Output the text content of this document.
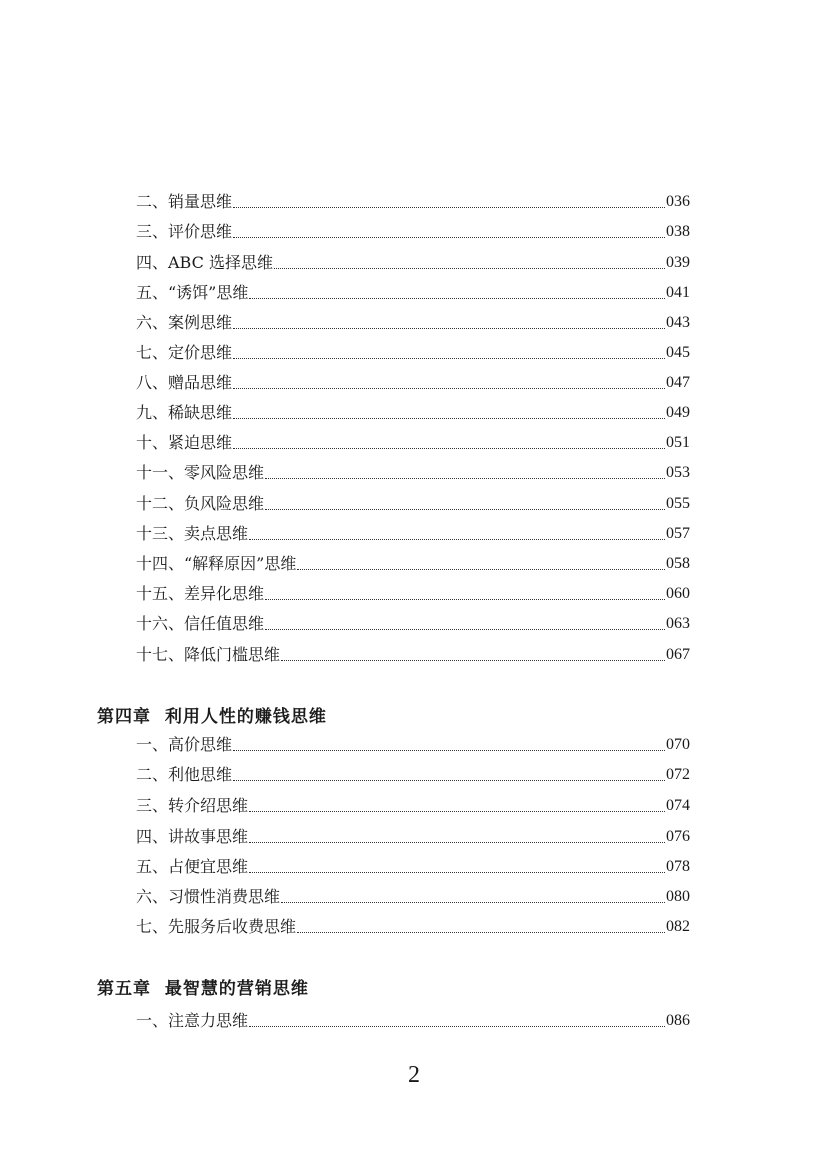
二、销量思维	036
三、评价思维	038
四、ABC 选择思维	039
五、“诱饵”思维	041
六、案例思维	043
七、定价思维	045
八、赠品思维	047
九、稀缺思维	049
十、紧迫思维	051
十一、零风险思维	053
十二、负风险思维	055
十三、卖点思维	057
十四、“解释原因”思维	058
十五、差异化思维	060
十六、信任值思维	063
十七、降低门槛思维	067
第四章  利用人性的赚钱思维
一、高价思维	070
二、利他思维	072
三、转介绍思维	074
四、讲故事思维	076
五、占便宜思维	078
六、习惯性消费思维	080
七、先服务后收费思维	082
第五章  最智慧的营销思维
一、注意力思维	086
2
